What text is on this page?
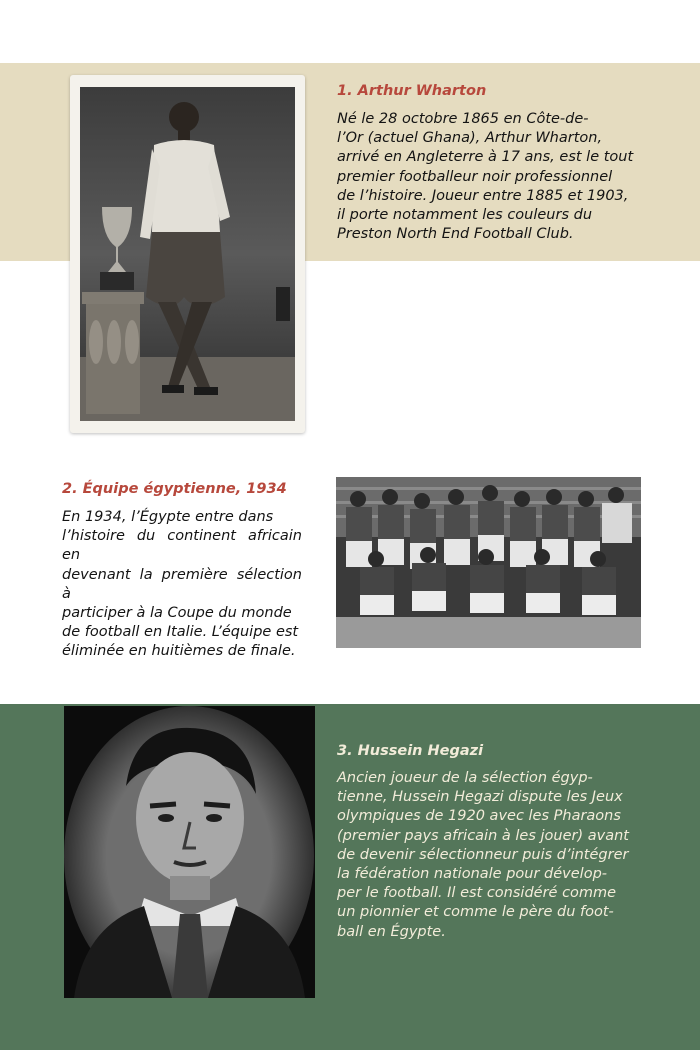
1. Arthur Wharton
Né le 28 octobre 1865 en Côte-de-
l’Or (actuel Ghana), Arthur Wharton,
arrivé en Angleterre à 17 ans, est le tout
premier footballeur noir professionnel
de l’histoire. Joueur entre 1885 et 1903,
il porte notamment les couleurs du
Preston North End Football Club.
2. Équipe égyptienne, 1934
En 1934, l’Égypte entre dans
l’histoire du continent africain en
devenant la première sélection à
participer à la Coupe du monde
de football en Italie. L’équipe est
éliminée en huitièmes de finale.
3. Hussein Hegazi
Ancien joueur de la sélection égyp-
tienne, Hussein Hegazi dispute les Jeux
olympiques de 1920 avec les Pharaons
(premier pays africain à les jouer) avant
de devenir sélectionneur puis d’intégrer
la fédération nationale pour dévelop-
per le football. Il est considéré comme
un pionnier et comme le père du foot-
ball en Égypte.
